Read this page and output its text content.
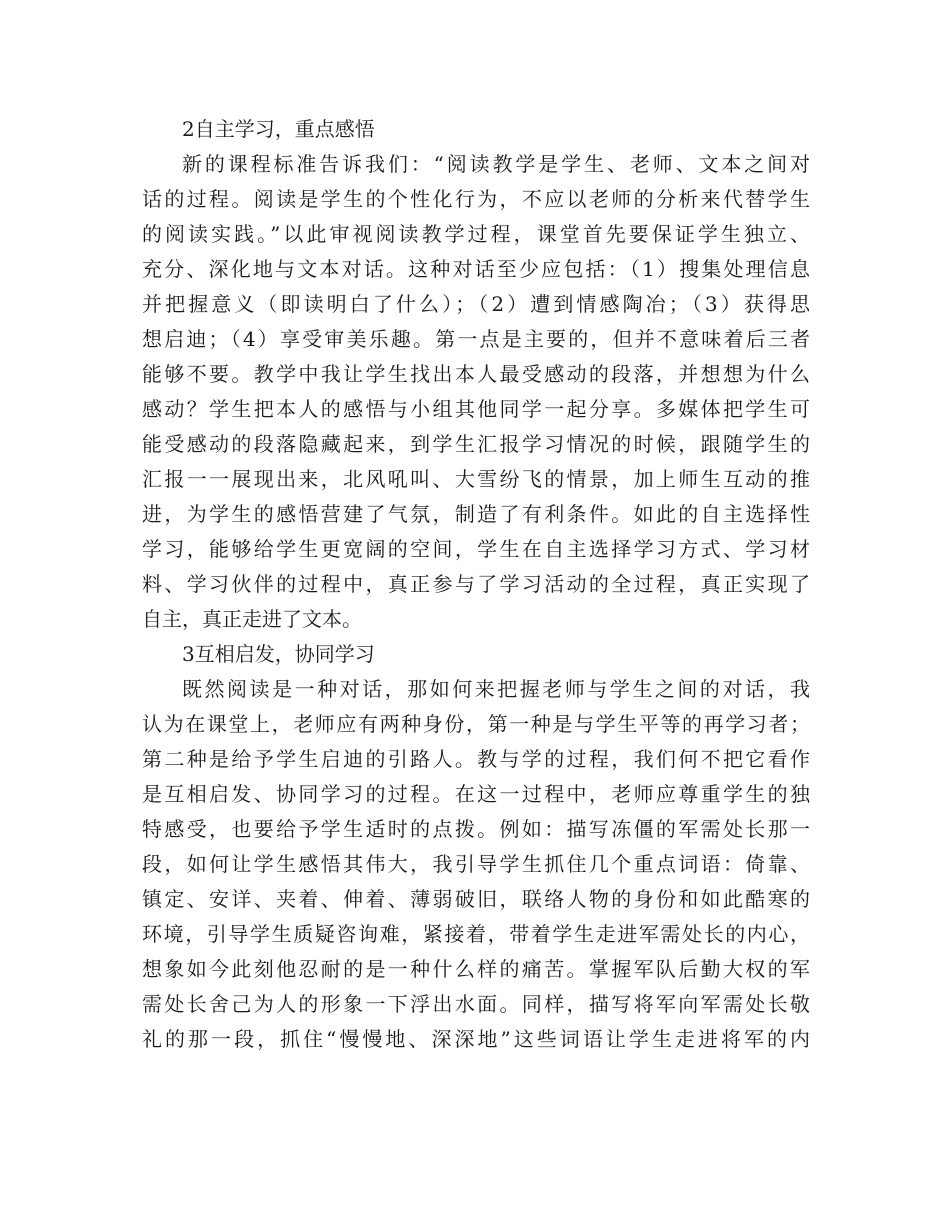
2自主学习，重点感悟
新的课程标准告诉我们：“阅读教学是学生、老师、文本之间对
话的过程。阅读是学生的个性化行为，不应以老师的分析来代替学生
的阅读实践。”以此审视阅读教学过程，课堂首先要保证学生独立、
充分、深化地与文本对话。这种对话至少应包括：（1）搜集处理信息
并把握意义（即读明白了什么）；（2）遭到情感陶冶；（3）获得思
想启迪；（4）享受审美乐趣。第一点是主要的，但并不意味着后三者
能够不要。教学中我让学生找出本人最受感动的段落，并想想为什么
感动？学生把本人的感悟与小组其他同学一起分享。多媒体把学生可
能受感动的段落隐藏起来，到学生汇报学习情况的时候，跟随学生的
汇报一一展现出来，北风吼叫、大雪纷飞的情景，加上师生互动的推
进，为学生的感悟营建了气氛，制造了有利条件。如此的自主选择性
学习，能够给学生更宽阔的空间，学生在自主选择学习方式、学习材
料、学习伙伴的过程中，真正参与了学习活动的全过程，真正实现了
自主，真正走进了文本。
3互相启发，协同学习
既然阅读是一种对话，那如何来把握老师与学生之间的对话，我
认为在课堂上，老师应有两种身份，第一种是与学生平等的再学习者；
第二种是给予学生启迪的引路人。教与学的过程，我们何不把它看作
是互相启发、协同学习的过程。在这一过程中，老师应尊重学生的独
特感受，也要给予学生适时的点拨。例如：描写冻僵的军需处长那一
段，如何让学生感悟其伟大，我引导学生抓住几个重点词语：倚靠、
镇定、安详、夹着、伸着、薄弱破旧，联络人物的身份和如此酷寒的
环境，引导学生质疑咨询难，紧接着，带着学生走进军需处长的内心，
想象如今此刻他忍耐的是一种什么样的痛苦。掌握军队后勤大权的军
需处长舍己为人的形象一下浮出水面。同样，描写将军向军需处长敬
礼的那一段，抓住“慢慢地、深深地”这些词语让学生走进将军的内
